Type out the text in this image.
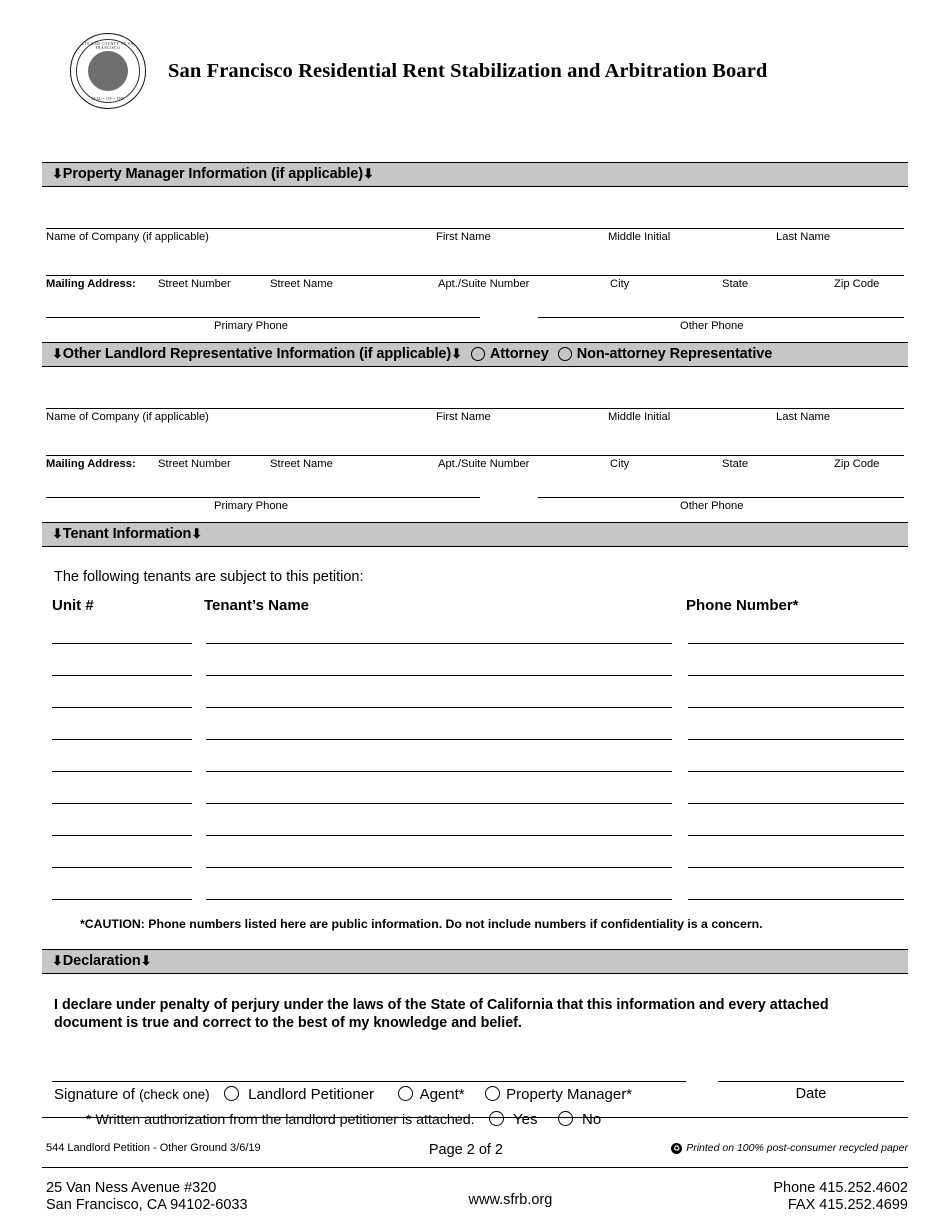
CITY AND COUNTY OF SAN FRANCISCO
SEAL • OF • THE
San Francisco Residential Rent Stabilization and Arbitration Board
⬇ Property Manager Information (if applicable) ⬇
Name of Company (if applicable)	First Name	Middle Initial	Last Name
Mailing Address: Street Number	Street Name	Apt./Suite Number	City	State	Zip Code
Primary Phone	Other Phone
⬇ Other Landlord Representative Information (if applicable) ⬇ Attorney Non-attorney Representative
Name of Company (if applicable)	First Name	Middle Initial	Last Name
Mailing Address: Street Number	Street Name	Apt./Suite Number	City	State	Zip Code
Primary Phone	Other Phone
⬇ Tenant Information ⬇
The following tenants are subject to this petition:
Unit #	Tenant’s Name	Phone Number*
*CAUTION: Phone numbers listed here are public information. Do not include numbers if confidentiality is a concern.
⬇ Declaration ⬇
I declare under penalty of perjury under the laws of the State of California that this information and every attached
document is true and correct to the best of my knowledge and belief.
Signature of (check one)	Landlord Petitioner	Agent*	Property Manager*	Date
* Written authorization from the landlord petitioner is attached.	Yes	No
544 Landlord Petition - Other Ground 3/6/19	Page 2 of 2	♻ Printed on 100% post-consumer recycled paper
25 Van Ness Avenue #320
San Francisco, CA 94102-6033	www.sfrb.org
Phone 415.252.4602
FAX 415.252.4699
